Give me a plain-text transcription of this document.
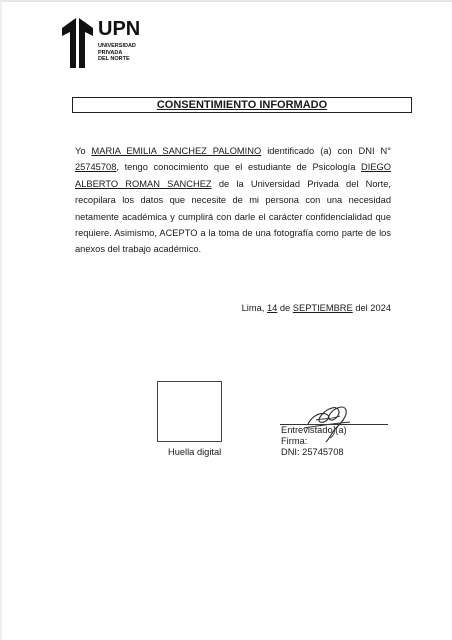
UPN
UNIVERSIDAD
PRIVADA
DEL NORTE
CONSENTIMIENTO INFORMADO
Yo MARIA EMILIA SANCHEZ PALOMINO identificado (a) con DNI N° 25745708, tengo conocimiento que el estudiante de Psicología DIEGO ALBERTO ROMAN SANCHEZ de la Universidad Privada del Norte, recopilara los datos que necesite de mi persona con una necesidad netamente académica y cumplirá con darle el carácter confidencialidad que requiere. Asimismo, ACEPTO a la toma de una fotografía como parte de los anexos del trabajo académico.
Lima, 14 de SEPTIEMBRE del 2024
Huella digital
Entrevistado (a)
Firma:
DNI: 25745708
